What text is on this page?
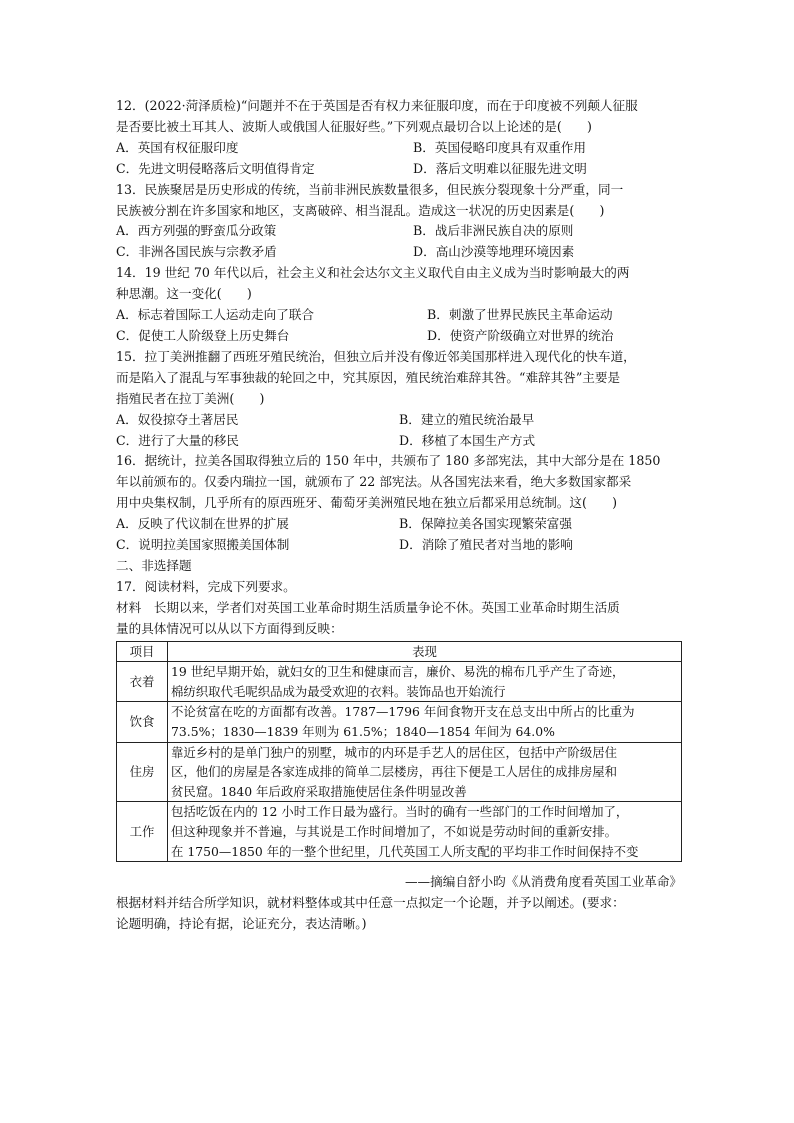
12．(2022·菏泽质检)“问题并不在于英国是否有权力来征服印度，而在于印度被不列颠人征服
是否要比被土耳其人、波斯人或俄国人征服好些。”下列观点最切合以上论述的是(　　)
A．英国有权征服印度	B．英国侵略印度具有双重作用
C．先进文明侵略落后文明值得肯定	D．落后文明难以征服先进文明
13．民族聚居是历史形成的传统，当前非洲民族数量很多，但民族分裂现象十分严重，同一
民族被分割在许多国家和地区，支离破碎、相当混乱。造成这一状况的历史因素是(　　)
A．西方列强的野蛮瓜分政策	B．战后非洲民族自决的原则
C．非洲各国民族与宗教矛盾	D．高山沙漠等地理环境因素
14．19 世纪 70 年代以后，社会主义和社会达尔文主义取代自由主义成为当时影响最大的两
种思潮。这一变化(　　)
A．标志着国际工人运动走向了联合	B．刺激了世界民族民主革命运动
C．促使工人阶级登上历史舞台	D．使资产阶级确立对世界的统治
15．拉丁美洲推翻了西班牙殖民统治，但独立后并没有像近邻美国那样进入现代化的快车道，
而是陷入了混乱与军事独裁的轮回之中，究其原因，殖民统治难辞其咎。“难辞其咎”主要是
指殖民者在拉丁美洲(　　)
A．奴役掠夺土著居民	B．建立的殖民统治最早
C．进行了大量的移民	D．移植了本国生产方式
16．据统计，拉美各国取得独立后的 150 年中，共颁布了 180 多部宪法，其中大部分是在 1850
年以前颁布的。仅委内瑞拉一国，就颁布了 22 部宪法。从各国宪法来看，绝大多数国家都采
用中央集权制，几乎所有的原西班牙、葡萄牙美洲殖民地在独立后都采用总统制。这(　　)
A．反映了代议制在世界的扩展	B．保障拉美各国实现繁荣富强
C．说明拉美国家照搬美国体制	D．消除了殖民者对当地的影响
二、非选择题
17．阅读材料，完成下列要求。
材料　长期以来，学者们对英国工业革命时期生活质量争论不休。英国工业革命时期生活质
量的具体情况可以从以下方面得到反映：
项目	表现
衣着	19 世纪早期开始，就妇女的卫生和健康而言，廉价、易洗的棉布几乎产生了奇迹，
棉纺织取代毛呢织品成为最受欢迎的衣料。装饰品也开始流行

饮食	不论贫富在吃的方面都有改善。1787—1796 年间食物开支在总支出中所占的比重为
73.5%；1830—1839 年则为 61.5%；1840—1854 年间为 64.0%

住房	靠近乡村的是单门独户的别墅，城市的内环是手艺人的居住区，包括中产阶级居住
区，他们的房屋是各家连成排的简单二层楼房，再往下便是工人居住的成排房屋和
贫民窟。1840 年后政府采取措施使居住条件明显改善

工作	包括吃饭在内的 12 小时工作日最为盛行。当时的确有一些部门的工作时间增加了，
但这种现象并不普遍，与其说是工作时间增加了，不如说是劳动时间的重新安排。
在 1750—1850 年的一整个世纪里，几代英国工人所支配的平均非工作时间保持不变
——摘编自舒小昀《从消费角度看英国工业革命》
根据材料并结合所学知识，就材料整体或其中任意一点拟定一个论题，并予以阐述。(要求：
论题明确，持论有据，论证充分，表达清晰。)
